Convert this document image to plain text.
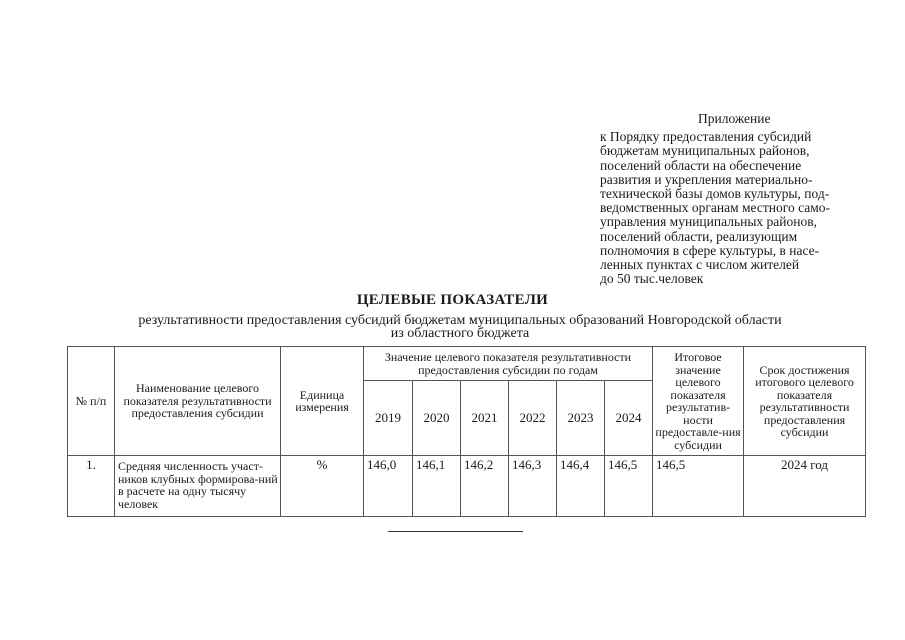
Приложение
к Порядку предоставления субсидий
бюджетам муниципальных районов,
поселений области на обеспечение
развития и укрепления материально-
технической базы домов культуры, под-
ведомственных органам местного само-
управления муниципальных районов,
поселений области, реализующим
полномочия в сфере культуры, в насе-
ленных пунктах с числом жителей
до 50 тыс.человек
ЦЕЛЕВЫЕ ПОКАЗАТЕЛИ
результативности предоставления субсидий бюджетам муниципальных образований Новгородской области
из областного бюджета
№ п/п	Наименование целевого показателя результативности предоставления субсидии	Единица измерения	Значение целевого показателя результативности предоставления субсидии по годам						Итоговое значение целевого показателя результатив-ности предоставле-ния субсидии	Срок достижения итогового целевого показателя результативности предоставления субсидии
			2019	2020	2021	2022	2023	2024		
1.	Средняя численность участ-ников клубных формирова-ний в расчете на одну тысячу человек	%	146,0	146,1	146,2	146,3	146,4	146,5	146,5	2024 год
